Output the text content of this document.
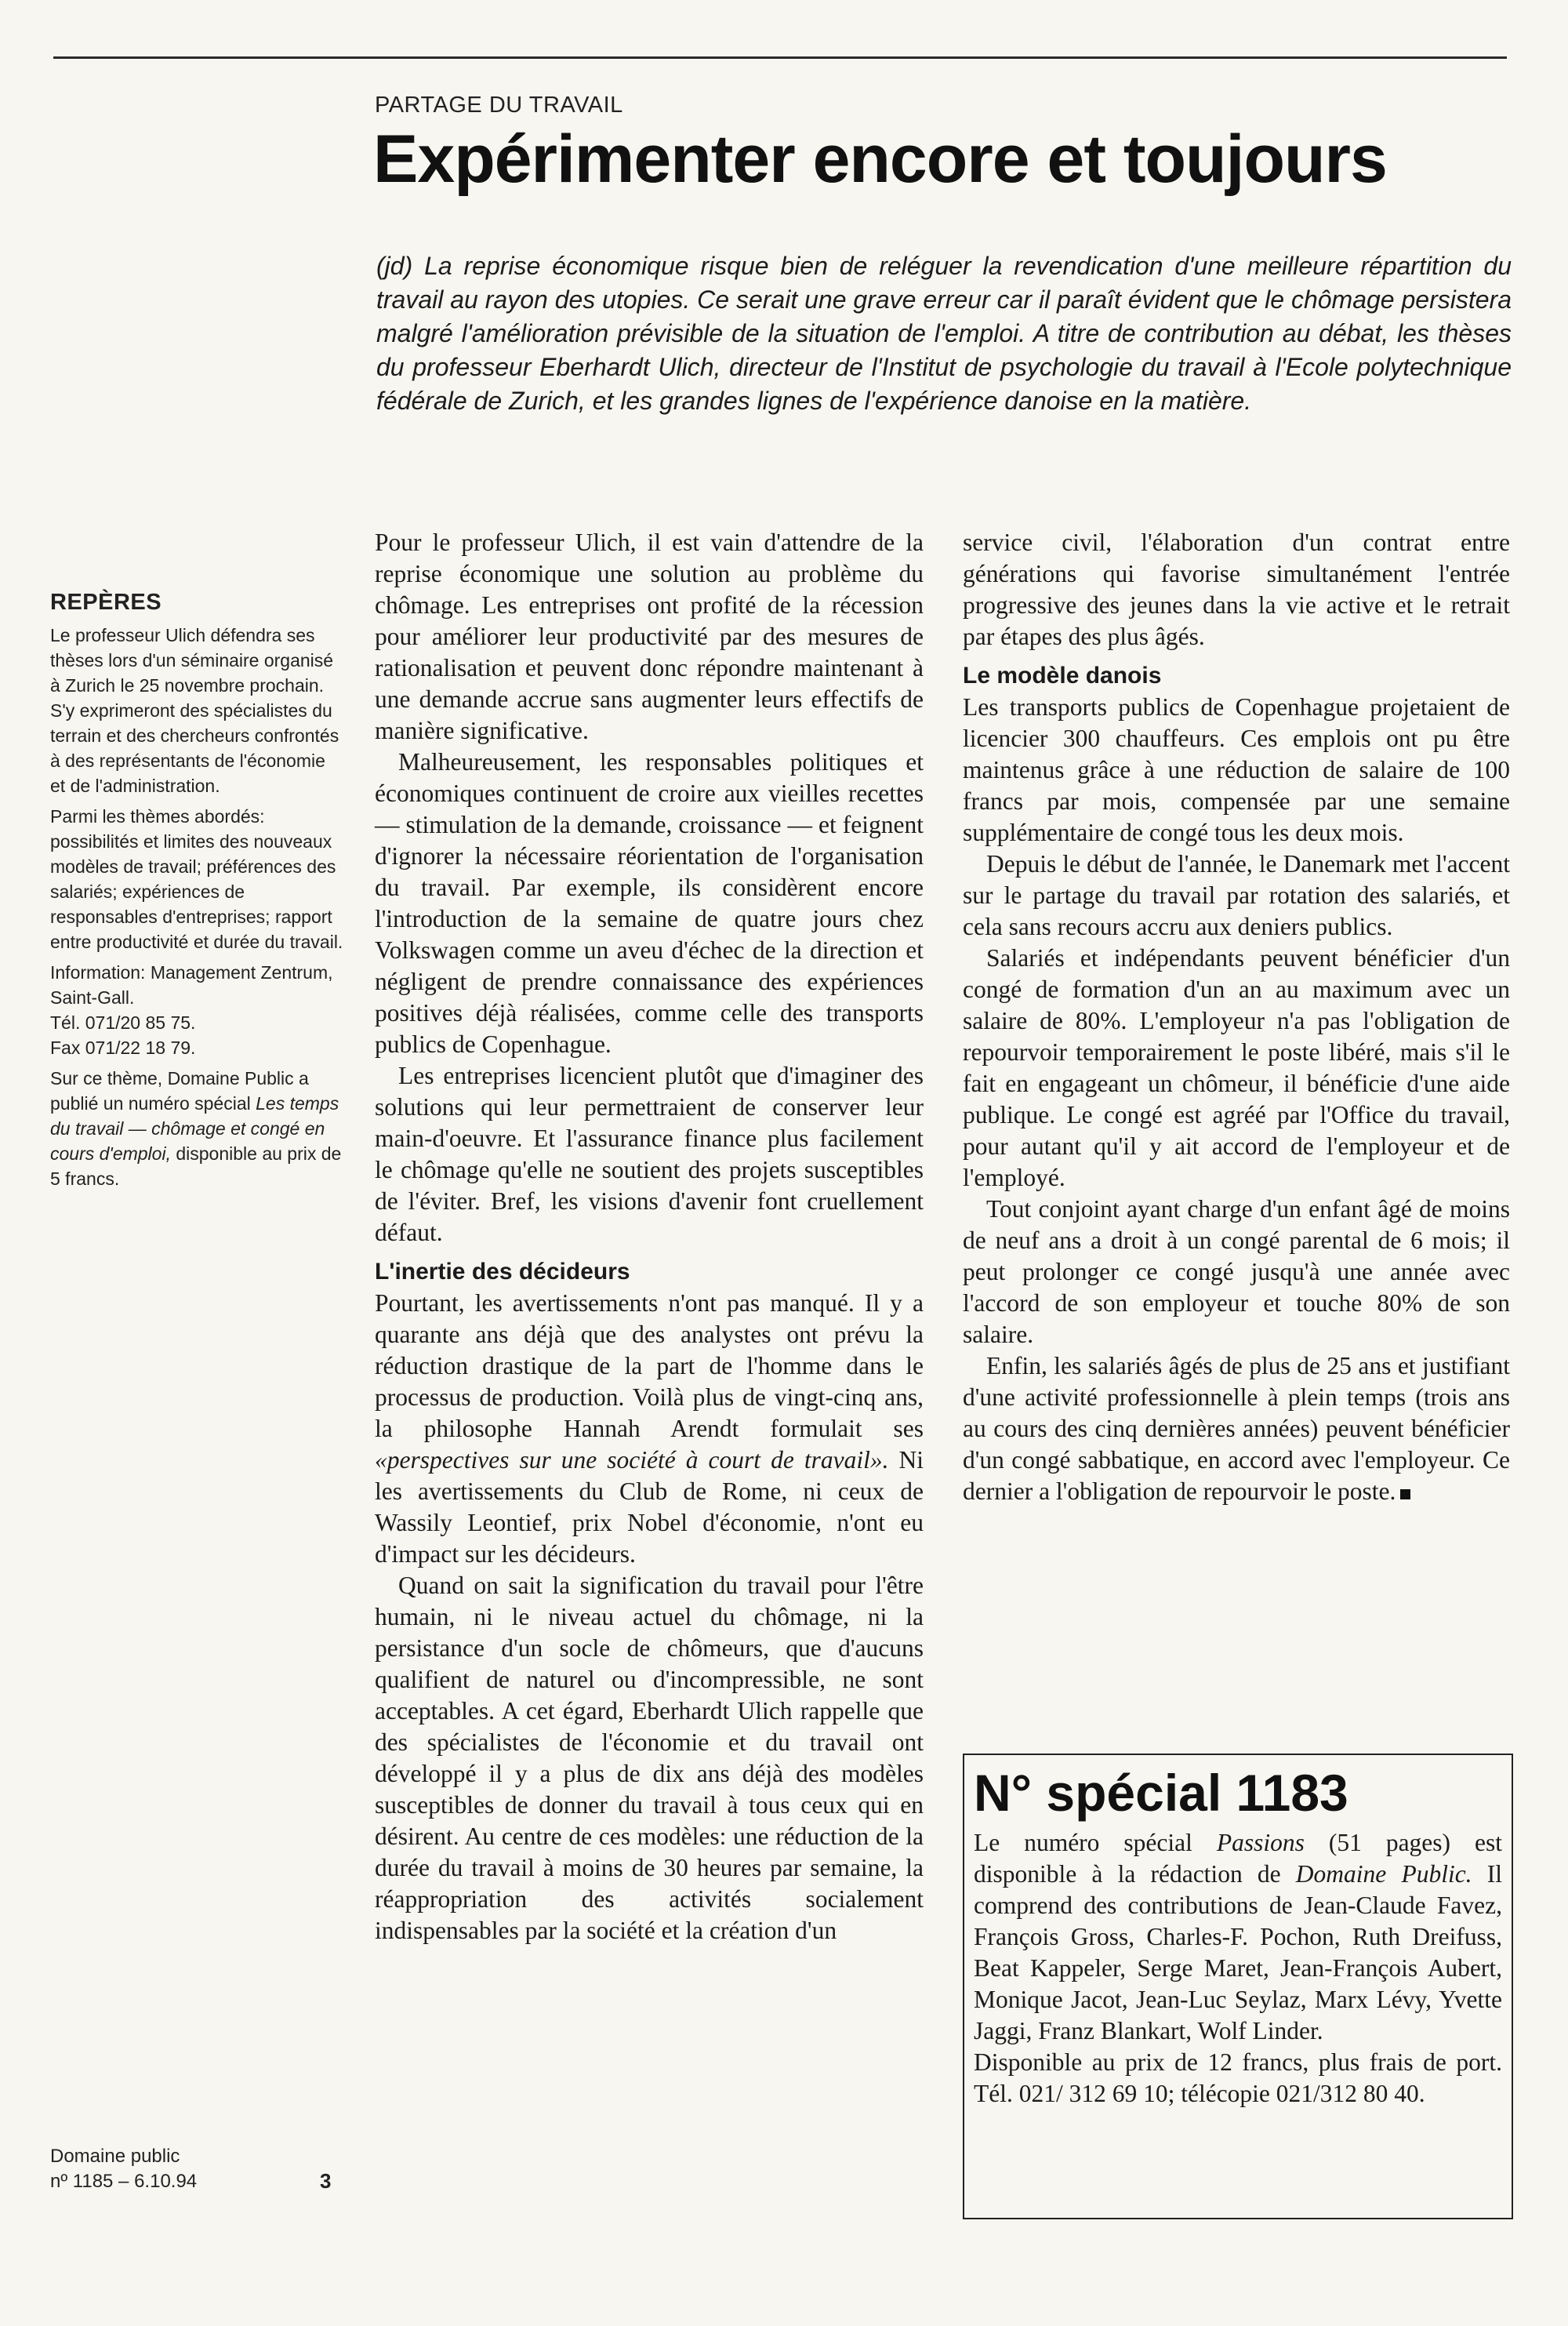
PARTAGE DU TRAVAIL
Expérimenter encore et toujours
(jd) La reprise économique risque bien de reléguer la revendication d'une meilleure répartition du travail au rayon des utopies. Ce serait une grave erreur car il paraît évident que le chômage persistera malgré l'amélioration prévisible de la situation de l'emploi. A titre de contribution au débat, les thèses du professeur Eberhardt Ulich, directeur de l'Institut de psychologie du travail à l'Ecole polytechnique fédérale de Zurich, et les grandes lignes de l'expérience danoise en la matière.
REPÈRES

Le professeur Ulich défendra ses thèses lors d'un séminaire organisé à Zurich le 25 novembre prochain. S'y exprimeront des spécialistes du terrain et des chercheurs confrontés à des représentants de l'économie et de l'administration.

Parmi les thèmes abordés: possibilités et limites des nouveaux modèles de travail; préférences des salariés; expériences de responsables d'entreprises; rapport entre productivité et durée du travail.

Information: Management Zentrum, Saint-Gall.
Tél. 071/20 85 75.
Fax 071/22 18 79.

Sur ce thème, Domaine Public a publié un numéro spécial Les temps du travail — chômage et congé en cours d'emploi, disponible au prix de 5 francs.

Pour le professeur Ulich, il est vain d'attendre de la reprise économique une solution au problème du chômage. Les entreprises ont profité de la récession pour améliorer leur productivité par des mesures de rationalisation et peuvent donc répondre maintenant à une demande accrue sans augmenter leurs effectifs de manière significative.

Malheureusement, les responsables politiques et économiques continuent de croire aux vieilles recettes — stimulation de la demande, croissance — et feignent d'ignorer la nécessaire réorientation de l'organisation du travail. Par exemple, ils considèrent encore l'introduction de la semaine de quatre jours chez Volkswagen comme un aveu d'échec de la direction et négligent de prendre connaissance des expériences positives déjà réalisées, comme celle des transports publics de Copenhague.

Les entreprises licencient plutôt que d'imaginer des solutions qui leur permettraient de conserver leur main-d'oeuvre. Et l'assurance finance plus facilement le chômage qu'elle ne soutient des projets susceptibles de l'éviter. Bref, les visions d'avenir font cruellement défaut.

L'inertie des décideurs

Pourtant, les avertissements n'ont pas manqué. Il y a quarante ans déjà que des analystes ont prévu la réduction drastique de la part de l'homme dans le processus de production. Voilà plus de vingt-cinq ans, la philosophe Hannah Arendt formulait ses «perspectives sur une société à court de travail». Ni les avertissements du Club de Rome, ni ceux de Wassily Leontief, prix Nobel d'économie, n'ont eu d'impact sur les décideurs.

Quand on sait la signification du travail pour l'être humain, ni le niveau actuel du chômage, ni la persistance d'un socle de chômeurs, que d'aucuns qualifient de naturel ou d'incompressible, ne sont acceptables. A cet égard, Eberhardt Ulich rappelle que des spécialistes de l'économie et du travail ont développé il y a plus de dix ans déjà des modèles susceptibles de donner du travail à tous ceux qui en désirent. Au centre de ces modèles: une réduction de la durée du travail à moins de 30 heures par semaine, la réappropriation des activités socialement indispensables par la société et la création d'un

service civil, l'élaboration d'un contrat entre générations qui favorise simultanément l'entrée progressive des jeunes dans la vie active et le retrait par étapes des plus âgés.

Le modèle danois

Les transports publics de Copenhague projetaient de licencier 300 chauffeurs. Ces emplois ont pu être maintenus grâce à une réduction de salaire de 100 francs par mois, compensée par une semaine supplémentaire de congé tous les deux mois.

Depuis le début de l'année, le Danemark met l'accent sur le partage du travail par rotation des salariés, et cela sans recours accru aux deniers publics.

Salariés et indépendants peuvent bénéficier d'un congé de formation d'un an au maximum avec un salaire de 80%. L'employeur n'a pas l'obligation de repourvoir temporairement le poste libéré, mais s'il le fait en engageant un chômeur, il bénéficie d'une aide publique. Le congé est agréé par l'Office du travail, pour autant qu'il y ait accord de l'employeur et de l'employé.

Tout conjoint ayant charge d'un enfant âgé de moins de neuf ans a droit à un congé parental de 6 mois; il peut prolonger ce congé jusqu'à une année avec l'accord de son employeur et touche 80% de son salaire.

Enfin, les salariés âgés de plus de 25 ans et justifiant d'une activité professionnelle à plein temps (trois ans au cours des cinq dernières années) peuvent bénéficier d'un congé sabbatique, en accord avec l'employeur. Ce dernier a l'obligation de repourvoir le poste.

N° spécial 1183

Le numéro spécial Passions (51 pages) est disponible à la rédaction de Domaine Public. Il comprend des contributions de Jean-Claude Favez, François Gross, Charles-F. Pochon, Ruth Dreifuss, Beat Kappeler, Serge Maret, Jean-François Aubert, Monique Jacot, Jean-Luc Seylaz, Marx Lévy, Yvette Jaggi, Franz Blankart, Wolf Linder.

Disponible au prix de 12 francs, plus frais de port. Tél. 021/ 312 69 10; télécopie 021/312 80 40.

Domaine public
nº 1185 – 6.10.94	3
